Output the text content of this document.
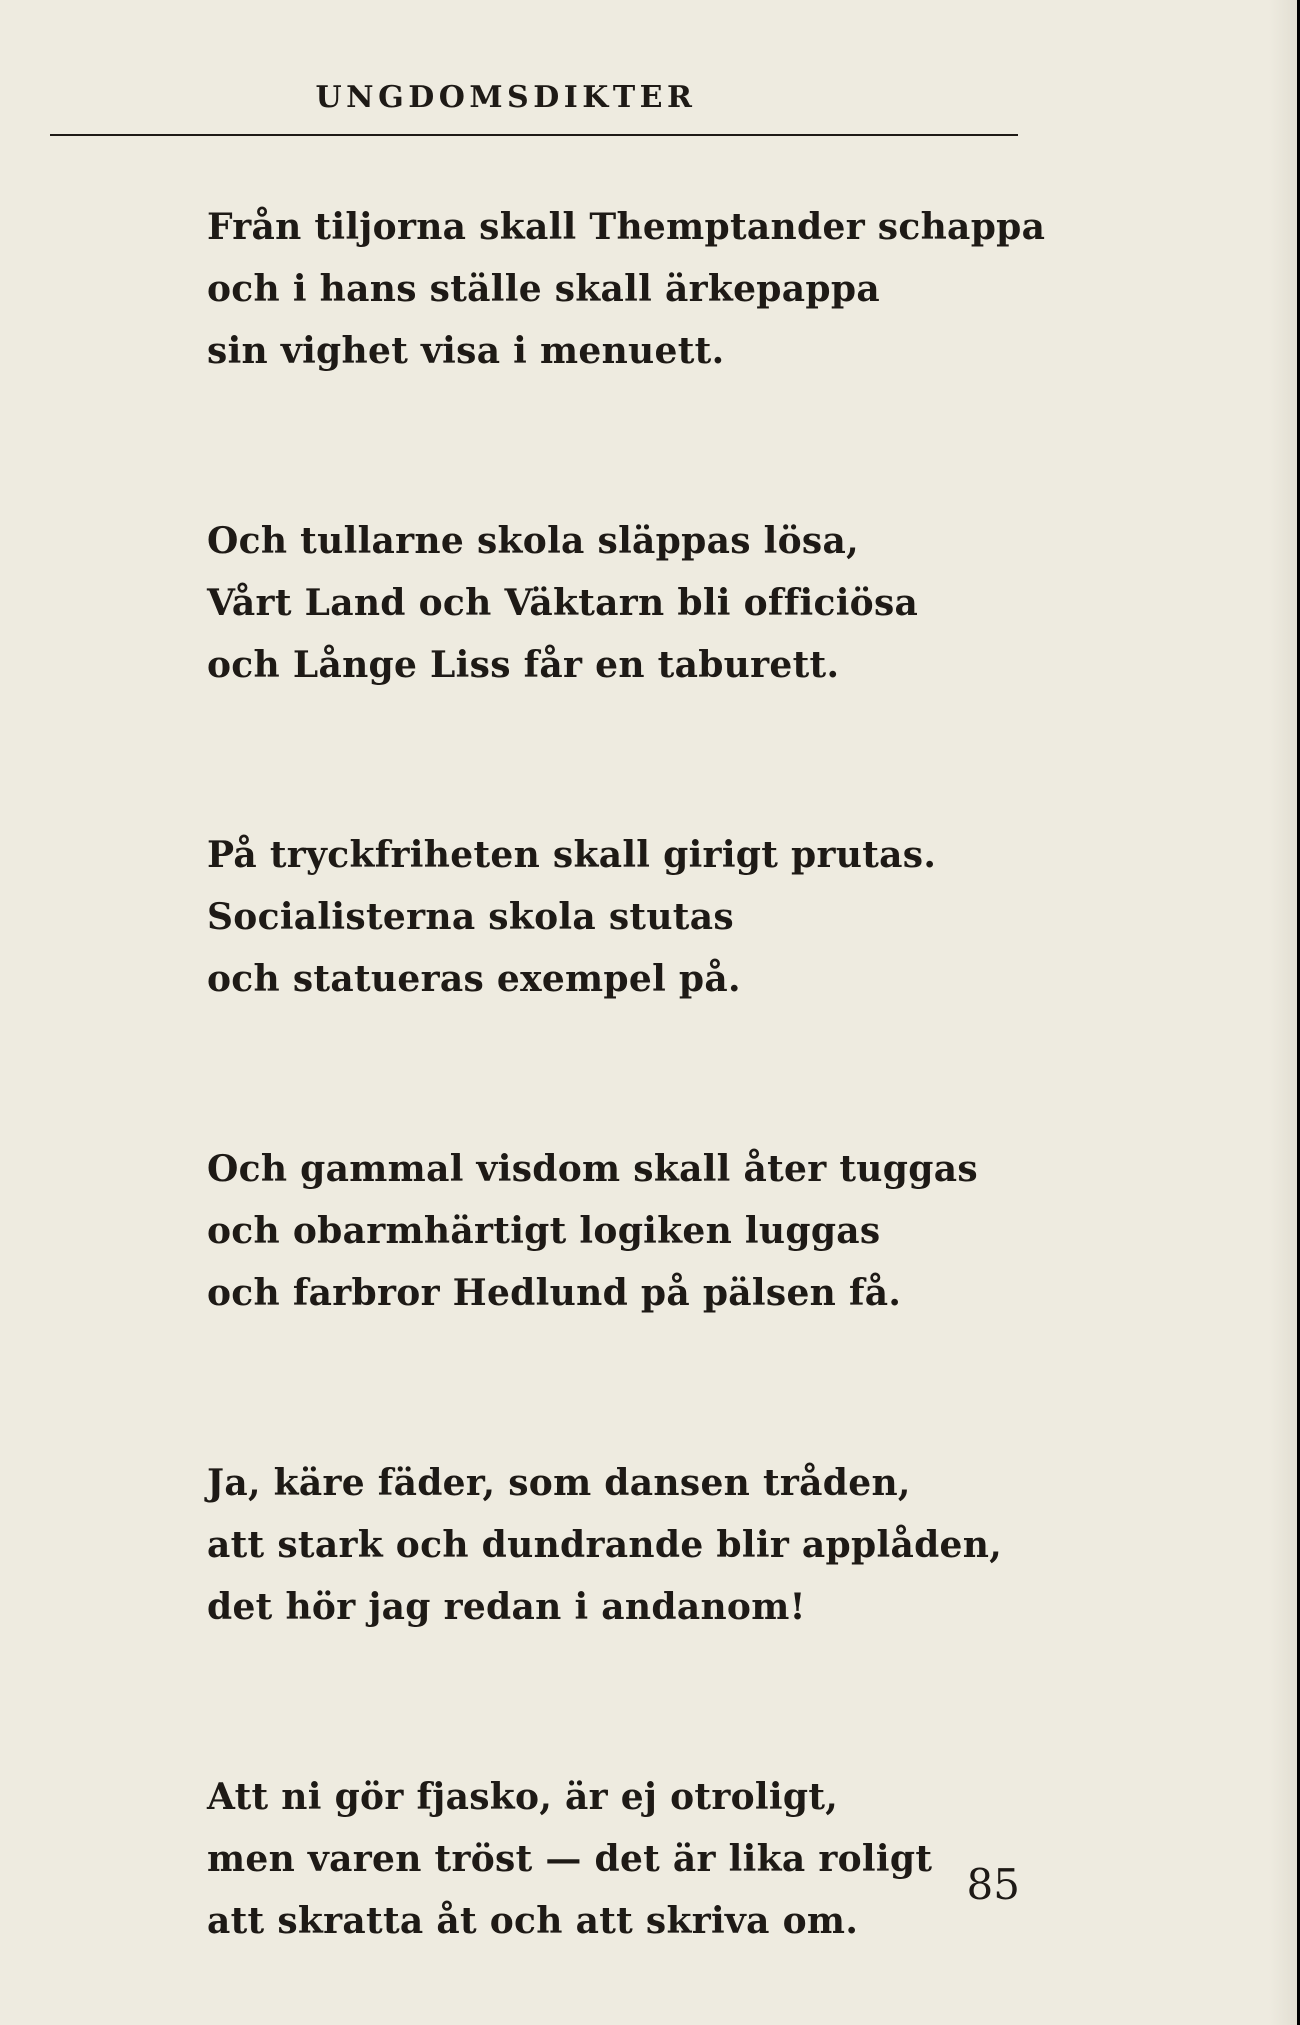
UNGDOMSDIKTER
Från tiljorna skall Themptander schappa
och i hans ställe skall ärkepappa
sin vighet visa i menuett.
Och tullarne skola släppas lösa,
Vårt Land och Väktarn bli officiösa
och Långe Liss får en taburett.
På tryckfriheten skall girigt prutas.
Socialisterna skola stutas
och statueras exempel på.
Och gammal visdom skall åter tuggas
och obarmhärtigt logiken luggas
och farbror Hedlund på pälsen få.
Ja, käre fäder, som dansen tråden,
att stark och dundrande blir applåden,
det hör jag redan i andanom!
Att ni gör fjasko, är ej otroligt,
men varen tröst — det är lika roligt
att skratta åt och att skriva om.
85
